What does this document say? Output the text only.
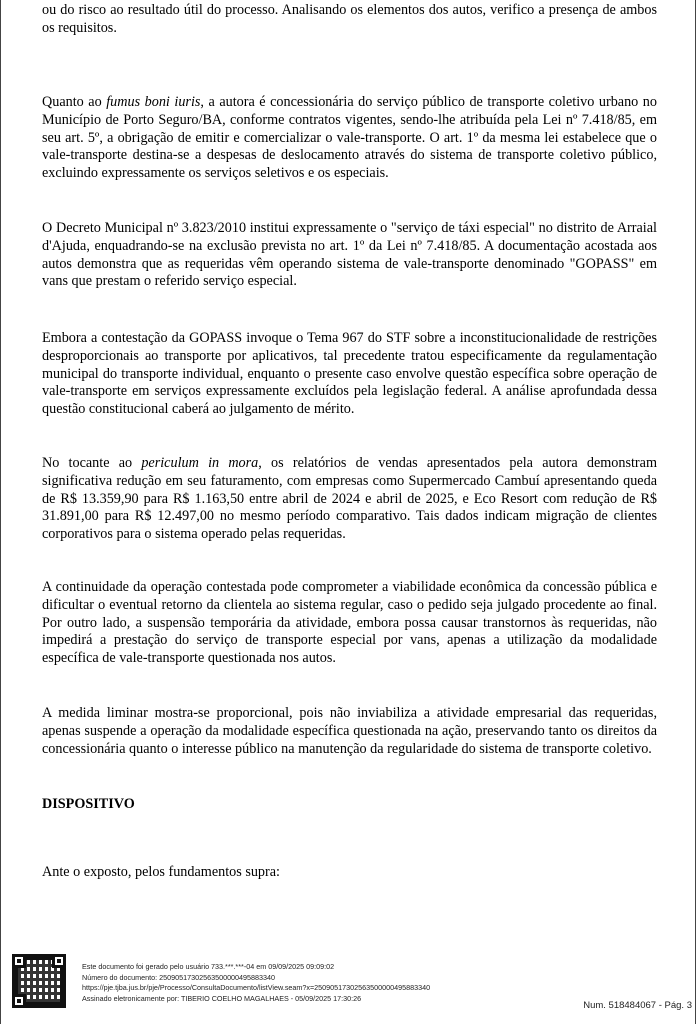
ou do risco ao resultado útil do processo. Analisando os elementos dos autos, verifico a presença de ambos os requisitos.

Quanto ao fumus boni iuris, a autora é concessionária do serviço público de transporte coletivo urbano no Município de Porto Seguro/BA, conforme contratos vigentes, sendo-lhe atribuída pela Lei nº 7.418/85, em seu art. 5º, a obrigação de emitir e comercializar o vale-transporte. O art. 1º da mesma lei estabelece que o vale-transporte destina-se a despesas de deslocamento através do sistema de transporte coletivo público, excluindo expressamente os serviços seletivos e os especiais.

O Decreto Municipal nº 3.823/2010 institui expressamente o "serviço de táxi especial" no distrito de Arraial d'Ajuda, enquadrando-se na exclusão prevista no art. 1º da Lei nº 7.418/85. A documentação acostada aos autos demonstra que as requeridas vêm operando sistema de vale-transporte denominado "GOPASS" em vans que prestam o referido serviço especial.

Embora a contestação da GOPASS invoque o Tema 967 do STF sobre a inconstitucionalidade de restrições desproporcionais ao transporte por aplicativos, tal precedente tratou especificamente da regulamentação municipal do transporte individual, enquanto o presente caso envolve questão específica sobre operação de vale-transporte em serviços expressamente excluídos pela legislação federal. A análise aprofundada dessa questão constitucional caberá ao julgamento de mérito.

No tocante ao periculum in mora, os relatórios de vendas apresentados pela autora demonstram significativa redução em seu faturamento, com empresas como Supermercado Cambuí apresentando queda de R$ 13.359,90 para R$ 1.163,50 entre abril de 2024 e abril de 2025, e Eco Resort com redução de R$ 31.891,00 para R$ 12.497,00 no mesmo período comparativo. Tais dados indicam migração de clientes corporativos para o sistema operado pelas requeridas.

A continuidade da operação contestada pode comprometer a viabilidade econômica da concessão pública e dificultar o eventual retorno da clientela ao sistema regular, caso o pedido seja julgado procedente ao final. Por outro lado, a suspensão temporária da atividade, embora possa causar transtornos às requeridas, não impedirá a prestação do serviço de transporte especial por vans, apenas a utilização da modalidade específica de vale-transporte questionada nos autos.

A medida liminar mostra-se proporcional, pois não inviabiliza a atividade empresarial das requeridas, apenas suspende a operação da modalidade específica questionada na ação, preservando tanto os direitos da concessionária quanto o interesse público na manutenção da regularidade do sistema de transporte coletivo.

DISPOSITIVO

Ante o exposto, pelos fundamentos supra:

Este documento foi gerado pelo usuário 733.***.***-04 em 09/09/2025 09:09:02
Número do documento: 25090517302563500000495883340
https://pje.tjba.jus.br/pje/Processo/ConsultaDocumento/listView.seam?x=25090517302563500000495883340
Assinado eletronicamente por: TIBERIO COELHO MAGALHAES - 05/09/2025 17:30:26
Num. 518484067 - Pág. 3
